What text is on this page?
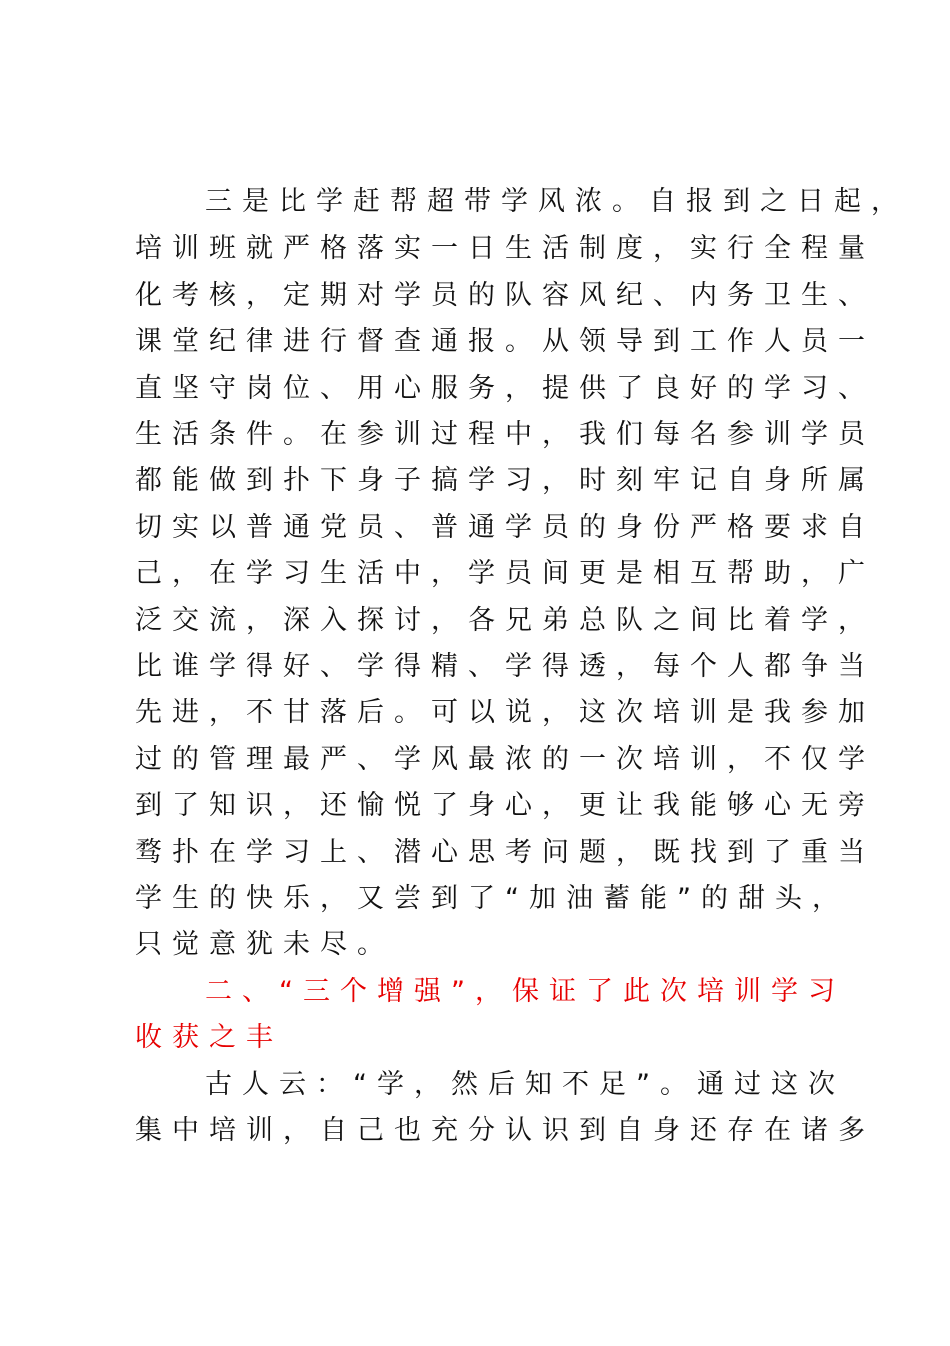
三是比学赶帮超带学风浓。自报到之日起，

培训班就严格落实一日生活制度，实行全程量

化考核，定期对学员的队容风纪、内务卫生、

课堂纪律进行督查通报。从领导到工作人员一

直坚守岗位、用心服务，提供了良好的学习、

生活条件。在参训过程中，我们每名参训学员

都能做到扑下身子搞学习，时刻牢记自身所属

切实以普通党员、普通学员的身份严格要求自

己，在学习生活中，学员间更是相互帮助，广

泛交流，深入探讨，各兄弟总队之间比着学，

比谁学得好、学得精、学得透，每个人都争当

先进，不甘落后。可以说，这次培训是我参加

过的管理最严、学风最浓的一次培训，不仅学

到了知识，还愉悦了身心，更让我能够心无旁

骛扑在学习上、潜心思考问题，既找到了重当

学生的快乐，又尝到了“加油蓄能”的甜头，

只觉意犹未尽。

二、“三个增强”，保证了此次培训学习

收获之丰

古人云：“学，然后知不足”。通过这次

集中培训，自己也充分认识到自身还存在诸多
